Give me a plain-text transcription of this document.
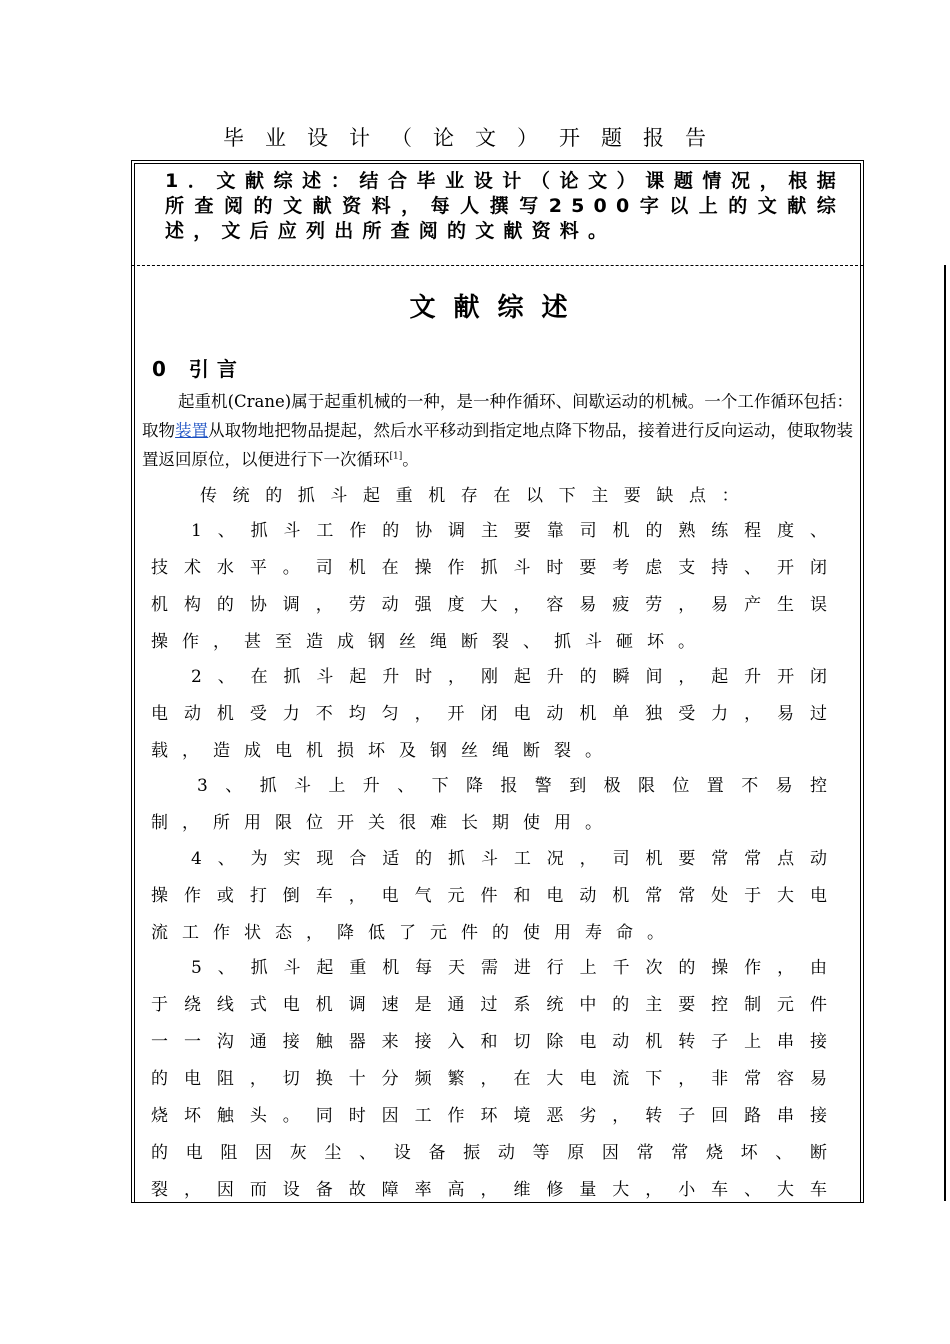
毕业设计（论文）开题报告
1．文献综述：结合毕业设计（论文）课题情况，根据所查阅的文献资料，每人撰写2500字以上的文献综述，文后应列出所查阅的文献资料。
文献综述
0 引言
起重机(Crane)属于起重机械的一种，是一种作循环、间歇运动的机械。一个工作循环包括：取物装置从取物地把物品提起，然后水平移动到指定地点降下物品，接着进行反向运动，使取物装置返回原位，以便进行下一次循环[1]。
传统的抓斗起重机存在以下主要缺点：

1、抓斗工作的协调主要靠司机的熟练程度、

技术水平。司机在操作抓斗时要考虑支持、开闭

机构的协调，劳动强度大，容易疲劳，易产生误

操作，甚至造成钢丝绳断裂、抓斗砸坏。

2、在抓斗起升时，刚起升的瞬间，起升开闭

电动机受力不均匀，开闭电动机单独受力，易过

载，造成电机损坏及钢丝绳断裂。

3、抓斗上升、下降报警到极限位置不易控

制，所用限位开关很难长期使用。

4、为实现合适的抓斗工况，司机要常常点动

操作或打倒车，电气元件和电动机常常处于大电

流工作状态，降低了元件的使用寿命。

5、抓斗起重机每天需进行上千次的操作，由

于绕线式电机调速是通过系统中的主要控制元件

一一沟通接触器来接入和切除电动机转子上串接

的电阻，切换十分频繁，在大电流下，非常容易

烧坏触头。同时因工作环境恶劣，转子回路串接

的电阻因灰尘、设备振动等原因常常烧坏、断

裂，因而设备故障率高，维修量大，小车、大车
